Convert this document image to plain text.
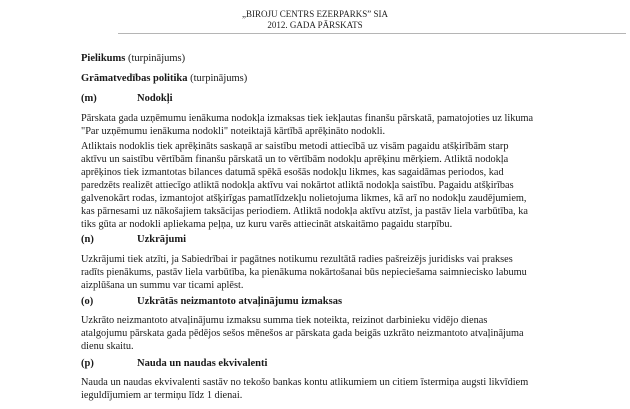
„BIROJU CENTRS EZERPARKS” SIA
2012. GADA PĀRSKATS
Pielikums (turpinājums)
Grāmatvedības politika (turpinājums)
(m)	Nodokļi
Pārskata gada uzņēmumu ienākuma nodokļa izmaksas tiek iekļautas finanšu pārskatā, pamatojoties uz likuma
"Par uzņēmumu ienākuma nodokli" noteiktajā kārtībā aprēķināto nodokli.
Atliktais nodoklis tiek aprēķināts saskaņā ar saistību metodi attiecībā uz visām pagaidu atšķirībām starp
aktīvu un saistību vērtībām finanšu pārskatā un to vērtībām nodokļu aprēķinu mērķiem. Atliktā nodokļa
aprēķinos tiek izmantotas bilances datumā spēkā esošās nodokļu likmes, kas sagaidāmas periodos, kad
paredzēts realizēt attiecīgo atliktā nodokļa aktīvu vai nokārtot atliktā nodokļa saistību. Pagaidu atšķirības
galvenokārt rodas, izmantojot atšķirīgas pamatlīdzekļu nolietojuma likmes, kā arī no nodokļu zaudējumiem,
kas pārnesami uz nākošajiem taksācijas periodiem. Atliktā nodokļa aktīvu atzīst, ja pastāv liela varbūtība, ka
tiks gūta ar nodokli apliekama peļņa, uz kuru varēs attiecināt atskaitāmo pagaidu starpību.
(n)	Uzkrājumi
Uzkrājumi tiek atzīti, ja Sabiedrībai ir pagātnes notikumu rezultātā radies pašreizējs juridisks vai prakses
radīts pienākums, pastāv liela varbūtība, ka pienākuma nokārtošanai būs nepieciešama saimniecisko labumu
aizplūšana un summu var ticami aplēst.
(o)	Uzkrātās neizmantoto atvaļinājumu izmaksas
Uzkrāto neizmantoto atvaļinājumu izmaksu summa tiek noteikta, reizinot darbinieku vidējo dienas
atalgojumu pārskata gada pēdējos sešos mēnešos ar pārskata gada beigās uzkrāto neizmantoto atvaļinājuma
dienu skaitu.
(p)	Nauda un naudas ekvivalenti
Nauda un naudas ekvivalenti sastāv no tekošo bankas kontu atlikumiem un citiem īstermiņa augsti likvīdiem
ieguldījumiem ar termiņu līdz 1 dienai.
